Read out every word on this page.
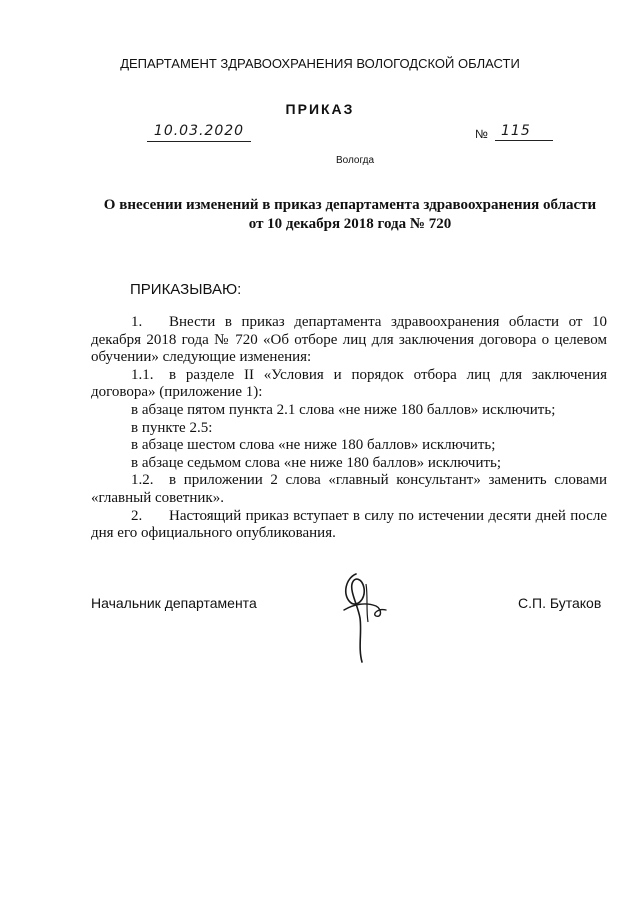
ДЕПАРТАМЕНТ ЗДРАВООХРАНЕНИЯ ВОЛОГОДСКОЙ ОБЛАСТИ
ПРИКАЗ
10.03.2020	№ 115
Вологда
О внесении изменений в приказ департамента здравоохранения области
от 10 декабря 2018 года № 720
ПРИКАЗЫВАЮ:

1. Внести в приказ департамента здравоохранения области от 10 декабря 2018 года № 720 «Об отборе лиц для заключения договора о целевом обучении» следующие изменения:

1.1. в разделе II «Условия и порядок отбора лиц для заключения договора» (приложение 1):

в абзаце пятом пункта 2.1 слова «не ниже 180 баллов» исключить;

в пункте 2.5:

в абзаце шестом слова «не ниже 180 баллов» исключить;

в абзаце седьмом слова «не ниже 180 баллов» исключить;

1.2. в приложении 2 слова «главный консультант» заменить словами «главный советник».

2. Настоящий приказ вступает в силу по истечении десяти дней после дня его официального опубликования.

Начальник департамента	С.П. Бутаков
